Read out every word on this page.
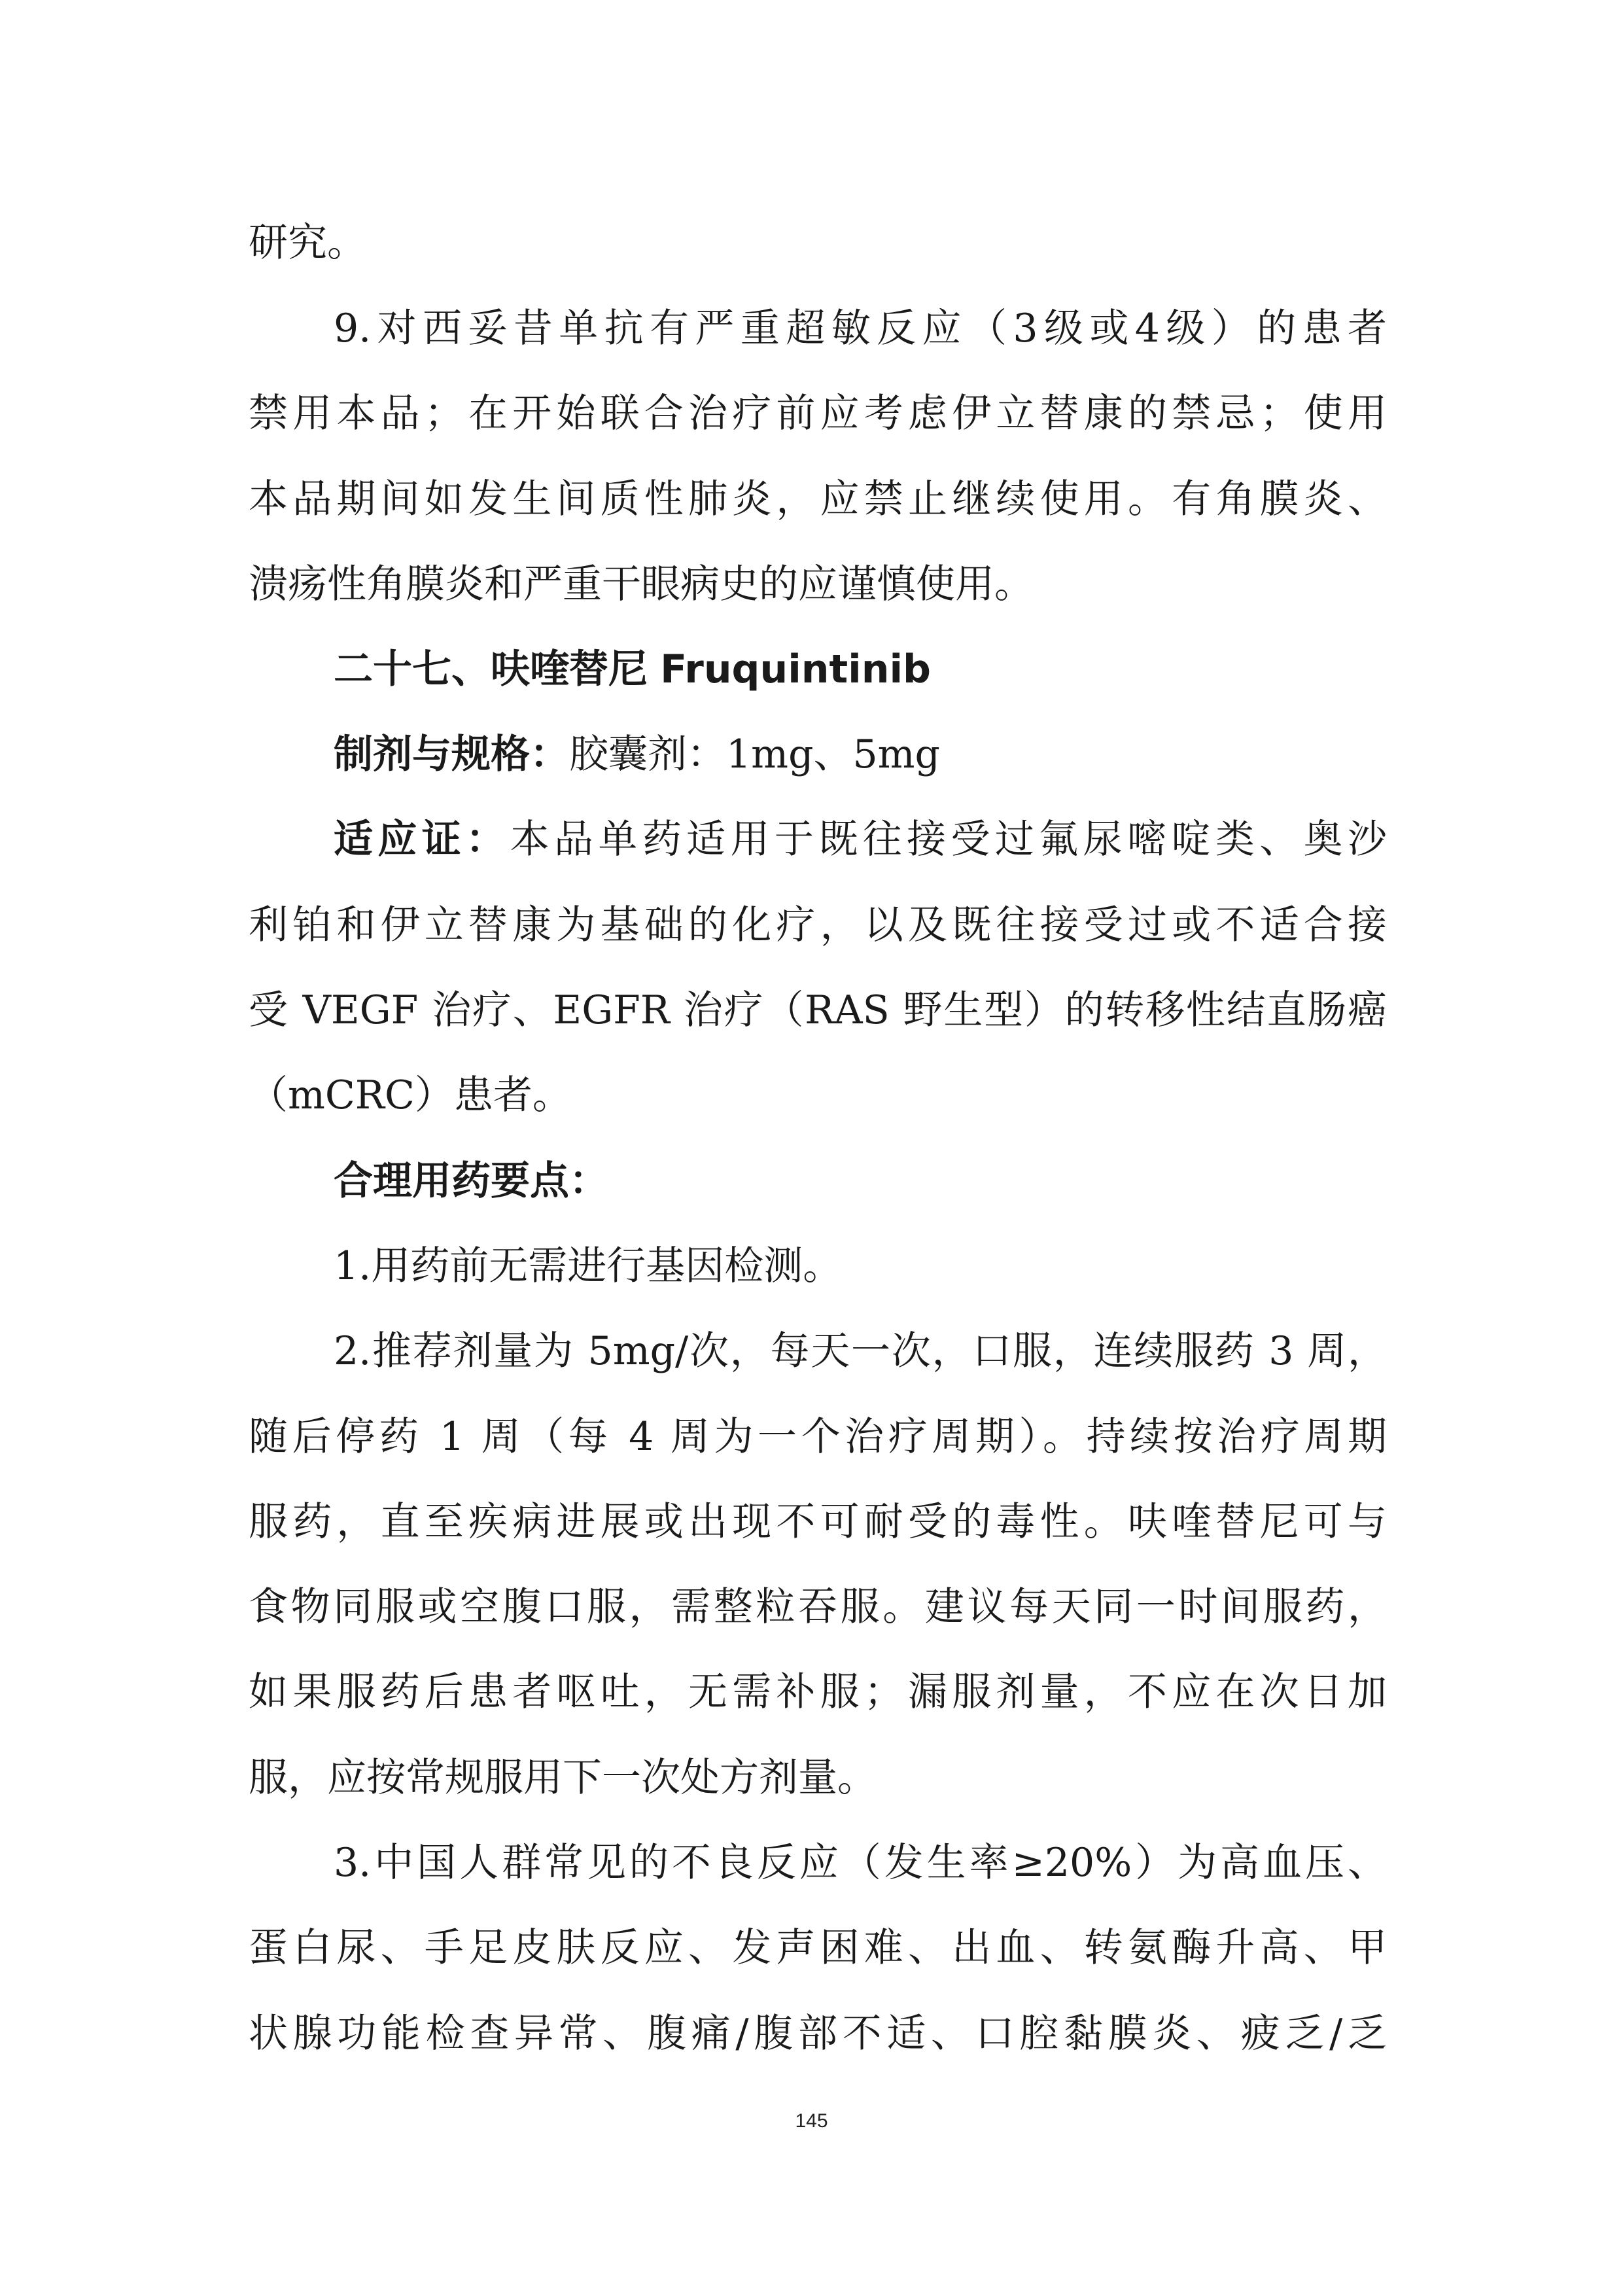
研究。
9.对西妥昔单抗有严重超敏反应（3级或4级）的患者
禁用本品；在开始联合治疗前应考虑伊立替康的禁忌；使用
本品期间如发生间质性肺炎，应禁止继续使用。有角膜炎、
溃疡性角膜炎和严重干眼病史的应谨慎使用。
二十七、呋喹替尼 Fruquintinib
制剂与规格：胶囊剂：1mg、5mg
适应证：本品单药适用于既往接受过氟尿嘧啶类、奥沙
利铂和伊立替康为基础的化疗，以及既往接受过或不适合接
受 VEGF 治疗、EGFR 治疗（RAS 野生型）的转移性结直肠癌
（mCRC）患者。
合理用药要点：
1.用药前无需进行基因检测。
2.推荐剂量为 5mg/次，每天一次，口服，连续服药 3 周，
随后停药 1 周（每 4 周为一个治疗周期）。持续按治疗周期
服药，直至疾病进展或出现不可耐受的毒性。呋喹替尼可与
食物同服或空腹口服，需整粒吞服。建议每天同一时间服药，
如果服药后患者呕吐，无需补服；漏服剂量，不应在次日加
服，应按常规服用下一次处方剂量。
3.中国人群常见的不良反应（发生率≥20%）为高血压、
蛋白尿、手足皮肤反应、发声困难、出血、转氨酶升高、甲
状腺功能检查异常、腹痛/腹部不适、口腔黏膜炎、疲乏/乏
145
